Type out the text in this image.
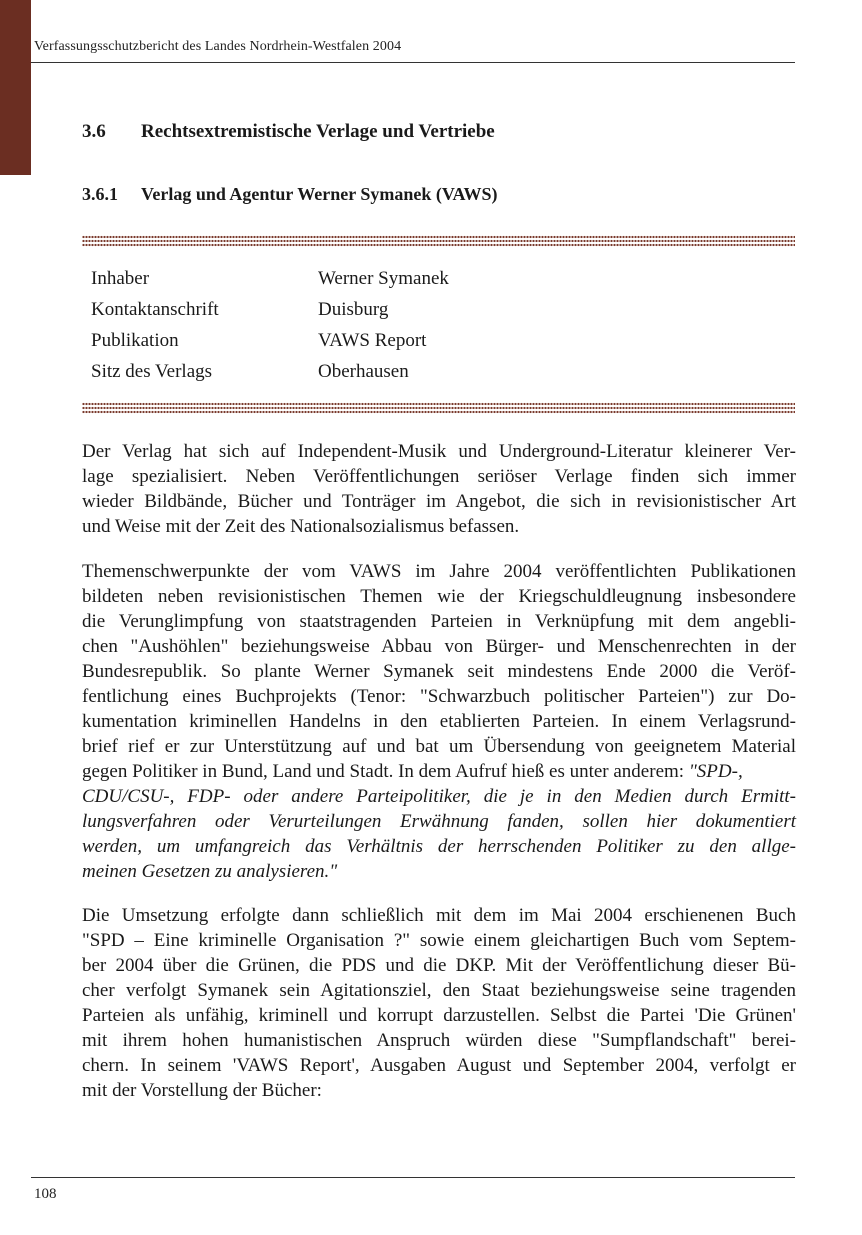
Verfassungsschutzbericht des Landes Nordrhein-Westfalen 2004
3.6 Rechtsextremistische Verlage und Vertriebe
3.6.1 Verlag und Agentur Werner Symanek (VAWS)
Inhaber	Werner Symanek
Kontaktanschrift	Duisburg
Publikation	VAWS Report
Sitz des Verlags	Oberhausen

Der Verlag hat sich auf Independent-Musik und Underground-Literatur kleinerer Ver-
lage spezialisiert. Neben Veröffentlichungen seriöser Verlage finden sich immer
wieder Bildbände, Bücher und Tonträger im Angebot, die sich in revisionistischer Art
und Weise mit der Zeit des Nationalsozialismus befassen.

Themenschwerpunkte der vom VAWS im Jahre 2004 veröffentlichten Publikationen
bildeten neben revisionistischen Themen wie der Kriegschuldleugnung insbesondere
die Verunglimpfung von staatstragenden Parteien in Verknüpfung mit dem angebli-
chen "Aushöhlen" beziehungsweise Abbau von Bürger- und Menschenrechten in der
Bundesrepublik. So plante Werner Symanek seit mindestens Ende 2000 die Veröf-
fentlichung eines Buchprojekts (Tenor: "Schwarzbuch politischer Parteien") zur Do-
kumentation kriminellen Handelns in den etablierten Parteien. In einem Verlagsrund-
brief rief er zur Unterstützung auf und bat um Übersendung von geeignetem Material
gegen Politiker in Bund, Land und Stadt. In dem Aufruf hieß es unter anderem: "SPD-,
CDU/CSU-, FDP- oder andere Parteipolitiker, die je in den Medien durch Ermitt-
lungsverfahren oder Verurteilungen Erwähnung fanden, sollen hier dokumentiert
werden, um umfangreich das Verhältnis der herrschenden Politiker zu den allge-
meinen Gesetzen zu analysieren."

Die Umsetzung erfolgte dann schließlich mit dem im Mai 2004 erschienenen Buch
"SPD – Eine kriminelle Organisation ?" sowie einem gleichartigen Buch vom Septem-
ber 2004 über die Grünen, die PDS und die DKP. Mit der Veröffentlichung dieser Bü-
cher verfolgt Symanek sein Agitationsziel, den Staat beziehungsweise seine tragenden
Parteien als unfähig, kriminell und korrupt darzustellen. Selbst die Partei 'Die Grünen'
mit ihrem hohen humanistischen Anspruch würden diese "Sumpflandschaft" berei-
chern. In seinem 'VAWS Report', Ausgaben August und September 2004, verfolgt er
mit der Vorstellung der Bücher:

108
